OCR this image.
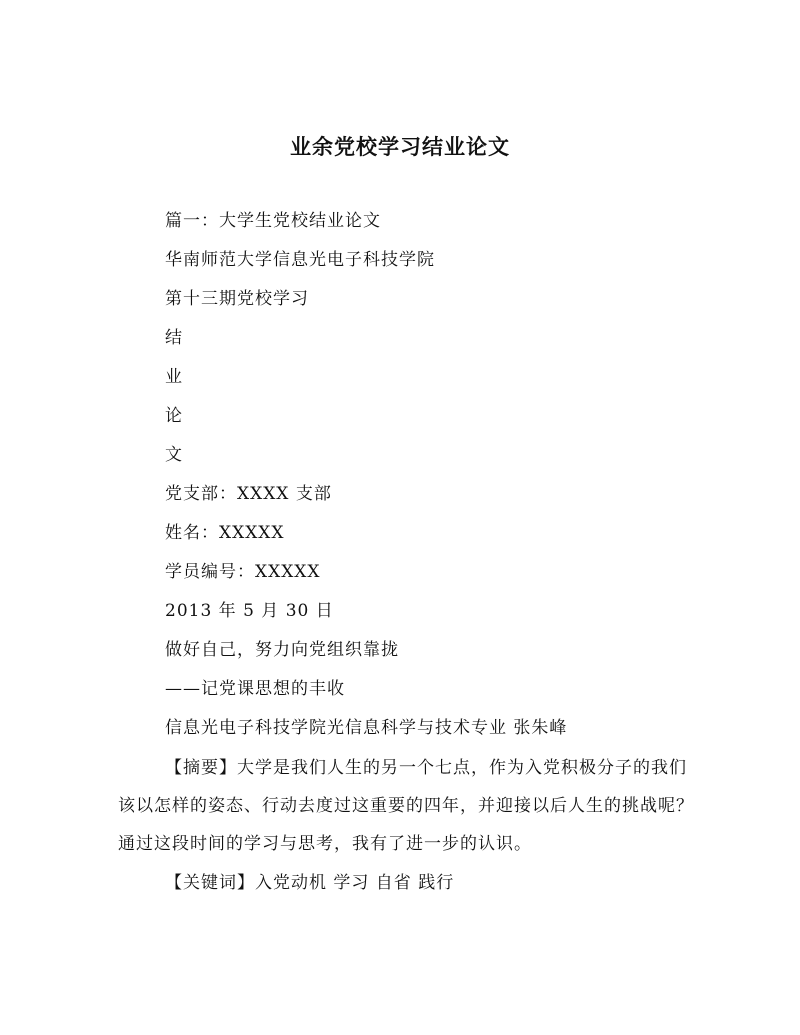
业余党校学习结业论文
篇一：大学生党校结业论文
华南师范大学信息光电子科技学院
第十三期党校学习
结
业
论
文
党支部：XXXX 支部
姓名：XXXXX
学员编号：XXXXX
2013 年 5 月 30 日
做好自己，努力向党组织靠拢
——记党课思想的丰收
信息光电子科技学院光信息科学与技术专业 张朱峰
【摘要】大学是我们人生的另一个七点，作为入党积极分子的我们该以怎样的姿态、行动去度过这重要的四年，并迎接以后人生的挑战呢？通过这段时间的学习与思考，我有了进一步的认识。
【关键词】入党动机 学习 自省 践行
